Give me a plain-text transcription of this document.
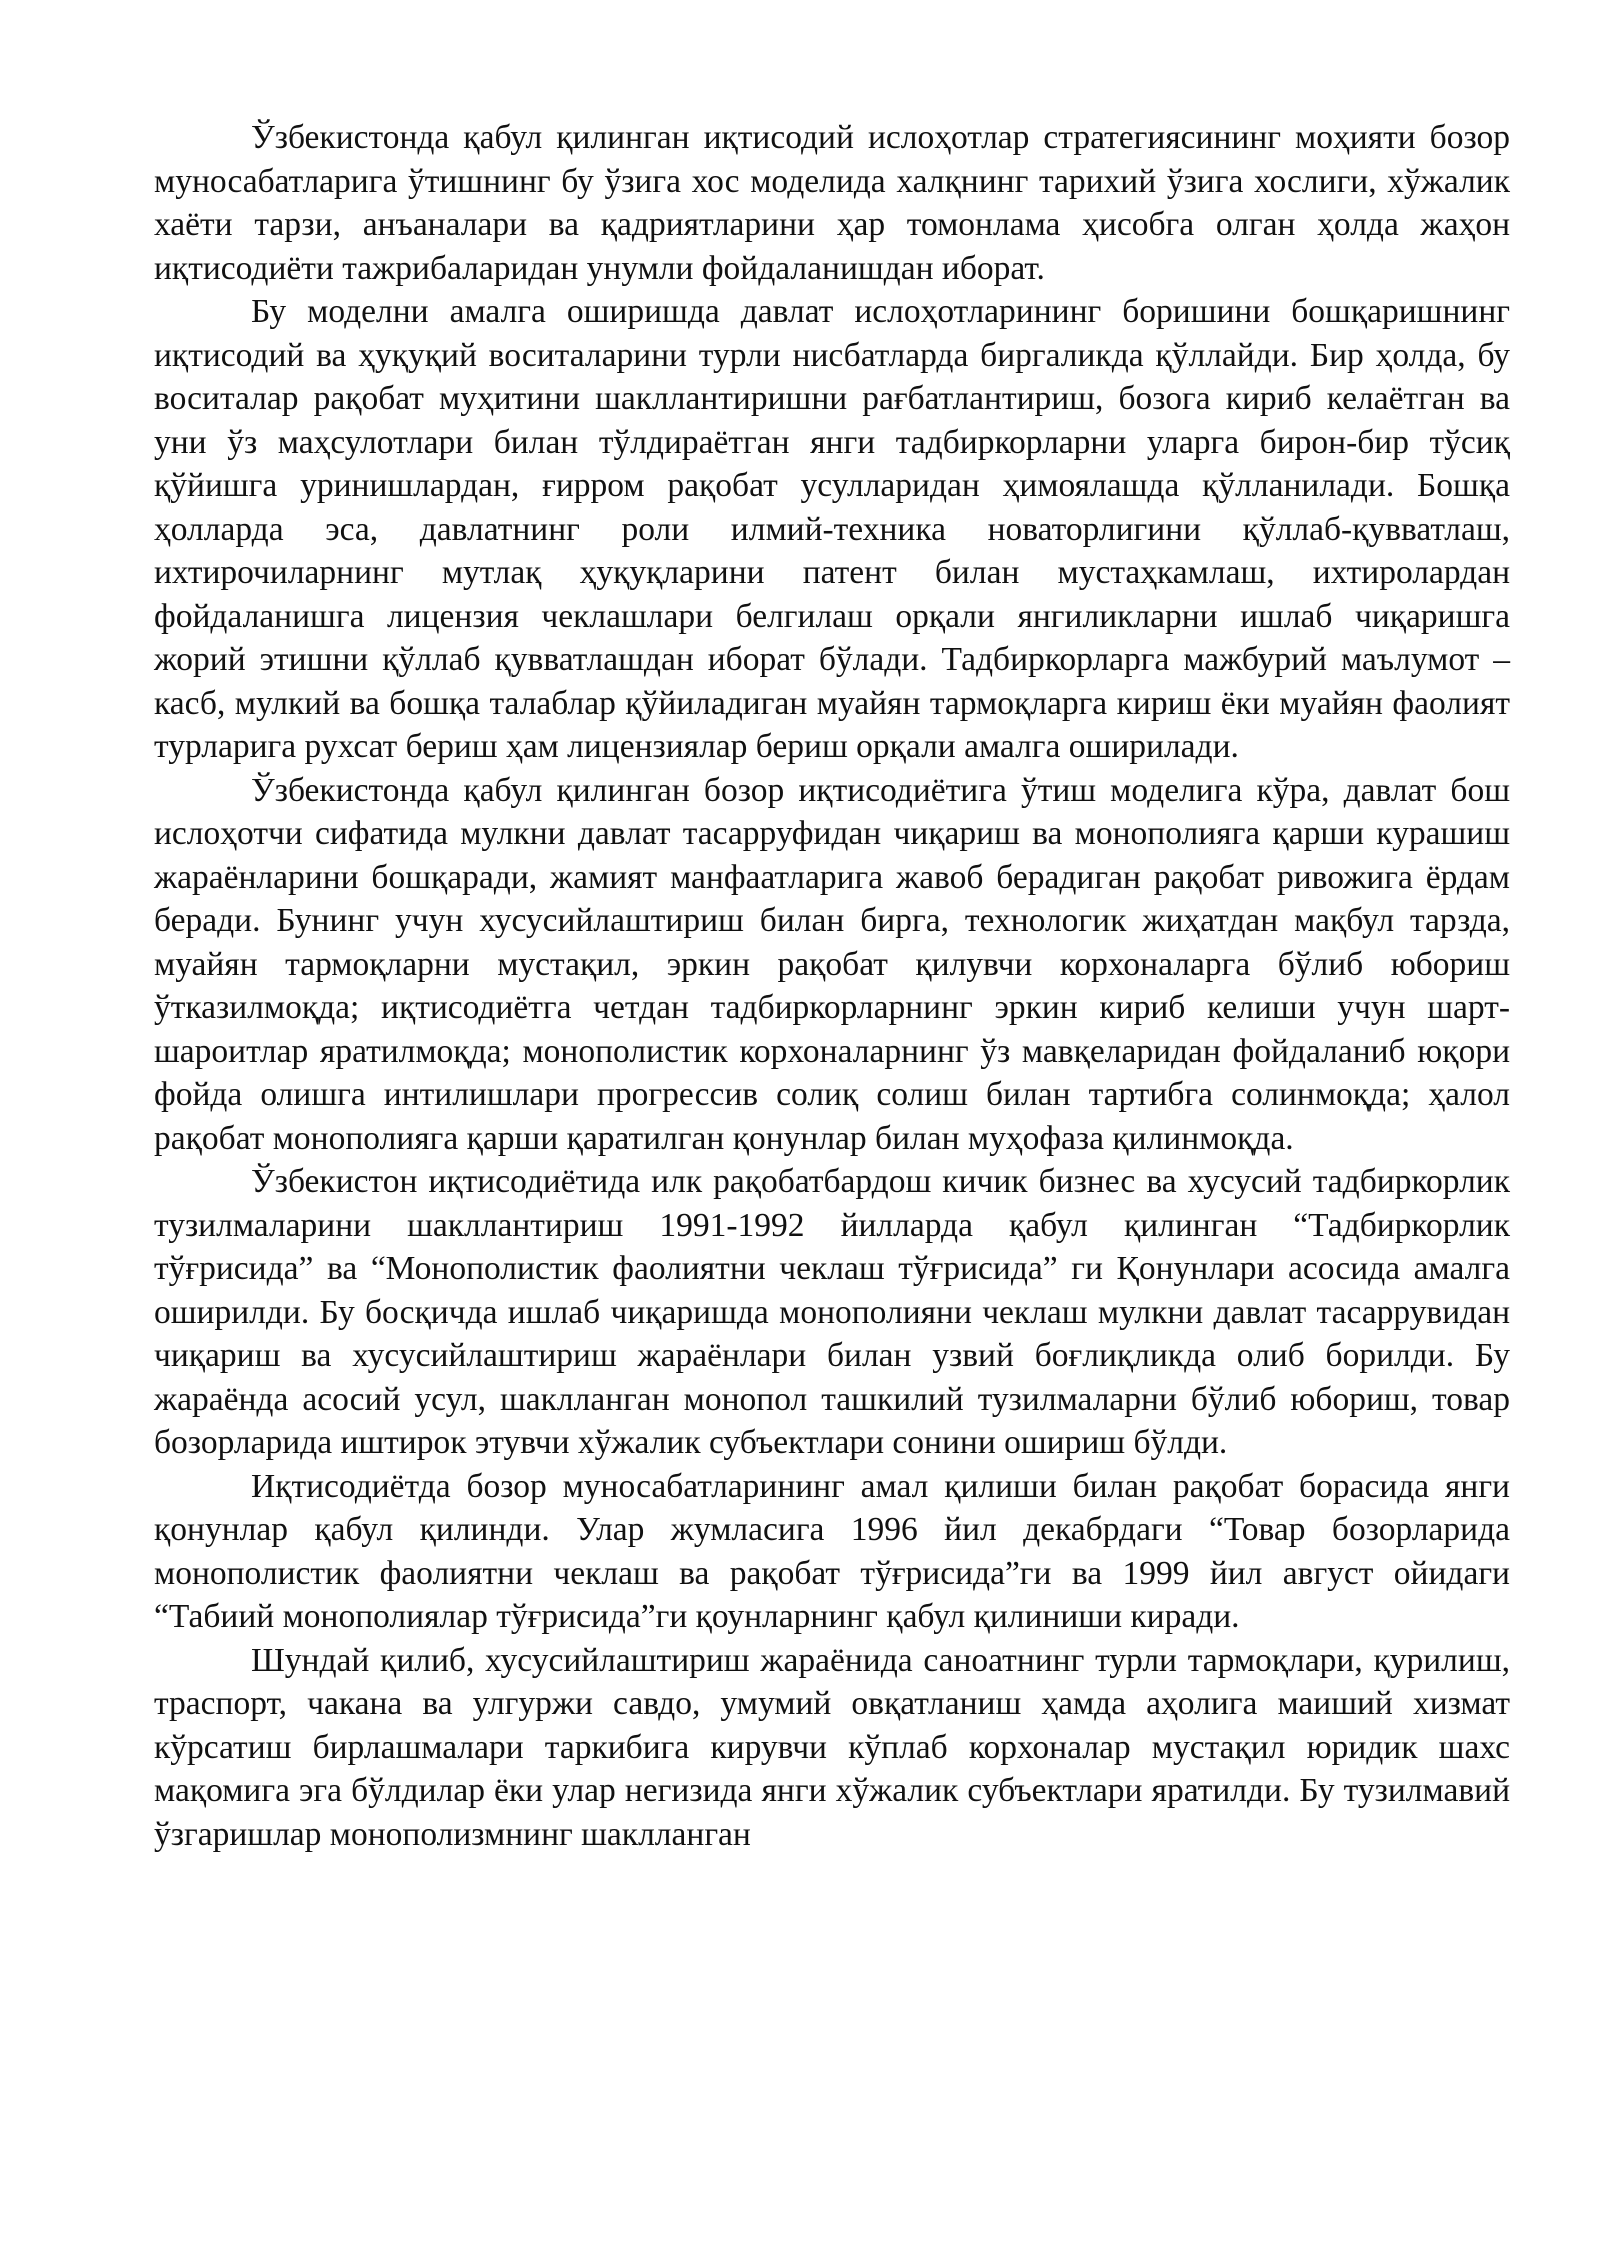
Ўзбекистонда қабул қилинган иқтисодий ислоҳотлар стратегиясининг моҳияти бозор муносабатларига ўтишнинг бу ўзига хос моделида халқнинг тарихий ўзига хослиги, хўжалик хаёти тарзи, анъаналари ва қадриятларини ҳар томонлама ҳисобга олган ҳолда жаҳон иқтисодиёти тажрибаларидан унумли фойдаланишдан иборат.

Бу моделни амалга оширишда давлат ислоҳотларининг боришини бошқаришнинг иқтисодий ва ҳуқуқий воситаларини турли нисбатларда биргаликда қўллайди. Бир ҳолда, бу воситалар рақобат муҳитини шакллантиришни рағбатлантириш, бозога кириб келаётган ва уни ўз маҳсулотлари билан тўлдираётган янги тадбиркорларни уларга бирон-бир тўсиқ қўйишга уринишлардан, ғирром рақобат усулларидан ҳимоялашда қўлланилади. Бошқа ҳолларда эса, давлатнинг роли илмий-техника новаторлигини қўллаб-қувватлаш, ихтирочиларнинг мутлақ ҳуқуқларини патент билан мустаҳкамлаш, ихтиролардан фойдаланишга лицензия чеклашлари белгилаш орқали янгиликларни ишлаб чиқаришга жорий этишни қўллаб қувватлашдан иборат бўлади. Тадбиркорларга мажбурий маълумот – касб, мулкий ва бошқа талаблар қўйиладиган муайян тармоқларга кириш ёки муайян фаолият турларига рухсат бериш ҳам лицензиялар бериш орқали амалга оширилади.

Ўзбекистонда қабул қилинган бозор иқтисодиётига ўтиш моделига кўра, давлат бош ислоҳотчи сифатида мулкни давлат тасарруфидан чиқариш ва монополияга қарши курашиш жараёнларини бошқаради, жамият манфаатларига жавоб берадиган рақобат ривожига ёрдам беради. Бунинг учун хусусийлаштириш билан бирга, технологик жиҳатдан мақбул тарзда, муайян тармоқларни мустақил, эркин рақобат қилувчи корхоналарга бўлиб юбориш ўтказилмоқда; иқтисодиётга четдан тадбиркорларнинг эркин кириб келиши учун шарт-шароитлар яратилмоқда; монополистик корхоналарнинг ўз мавқеларидан фойдаланиб юқори фойда олишга интилишлари прогрессив солиқ солиш билан тартибга солинмоқда; ҳалол рақобат монополияга қарши қаратилган қонунлар билан муҳофаза қилинмоқда.

Ўзбекистон иқтисодиётида илк рақобатбардош кичик бизнес ва хусусий тадбиркорлик тузилмаларини шакллантириш 1991-1992 йилларда қабул қилинган “Тадбиркорлик тўғрисида” ва “Монополистик фаолиятни чеклаш тўғрисида” ги Қонунлари асосида амалга оширилди. Бу босқичда ишлаб чиқаришда монополияни чеклаш мулкни давлат тасаррувидан чиқариш ва хусусийлаштириш жараёнлари билан узвий боғлиқликда олиб борилди. Бу жараёнда асосий усул, шаклланган монопол ташкилий тузилмаларни бўлиб юбориш, товар бозорларида иштирок этувчи хўжалик субъектлари сонини ошириш бўлди.

Иқтисодиётда бозор муносабатларининг амал қилиши билан рақобат борасида янги қонунлар қабул қилинди. Улар жумласига 1996 йил декабрдаги “Товар бозорларида монополистик фаолиятни чеклаш ва рақобат тўғрисида”ги ва 1999 йил август ойидаги “Табиий монополиялар тўғрисида”ги қоунларнинг қабул қилиниши киради.

Шундай қилиб, хусусийлаштириш жараёнида саноатнинг турли тармоқлари, қурилиш, траспорт, чакана ва улгуржи савдо, умумий овқатланиш ҳамда аҳолига маиший хизмат кўрсатиш бирлашмалари таркибига кирувчи кўплаб корхоналар мустақил юридик шахс мақомига эга бўлдилар ёки улар негизида янги хўжалик субъектлари яратилди. Бу тузилмавий ўзгаришлар монополизмнинг шаклланган
